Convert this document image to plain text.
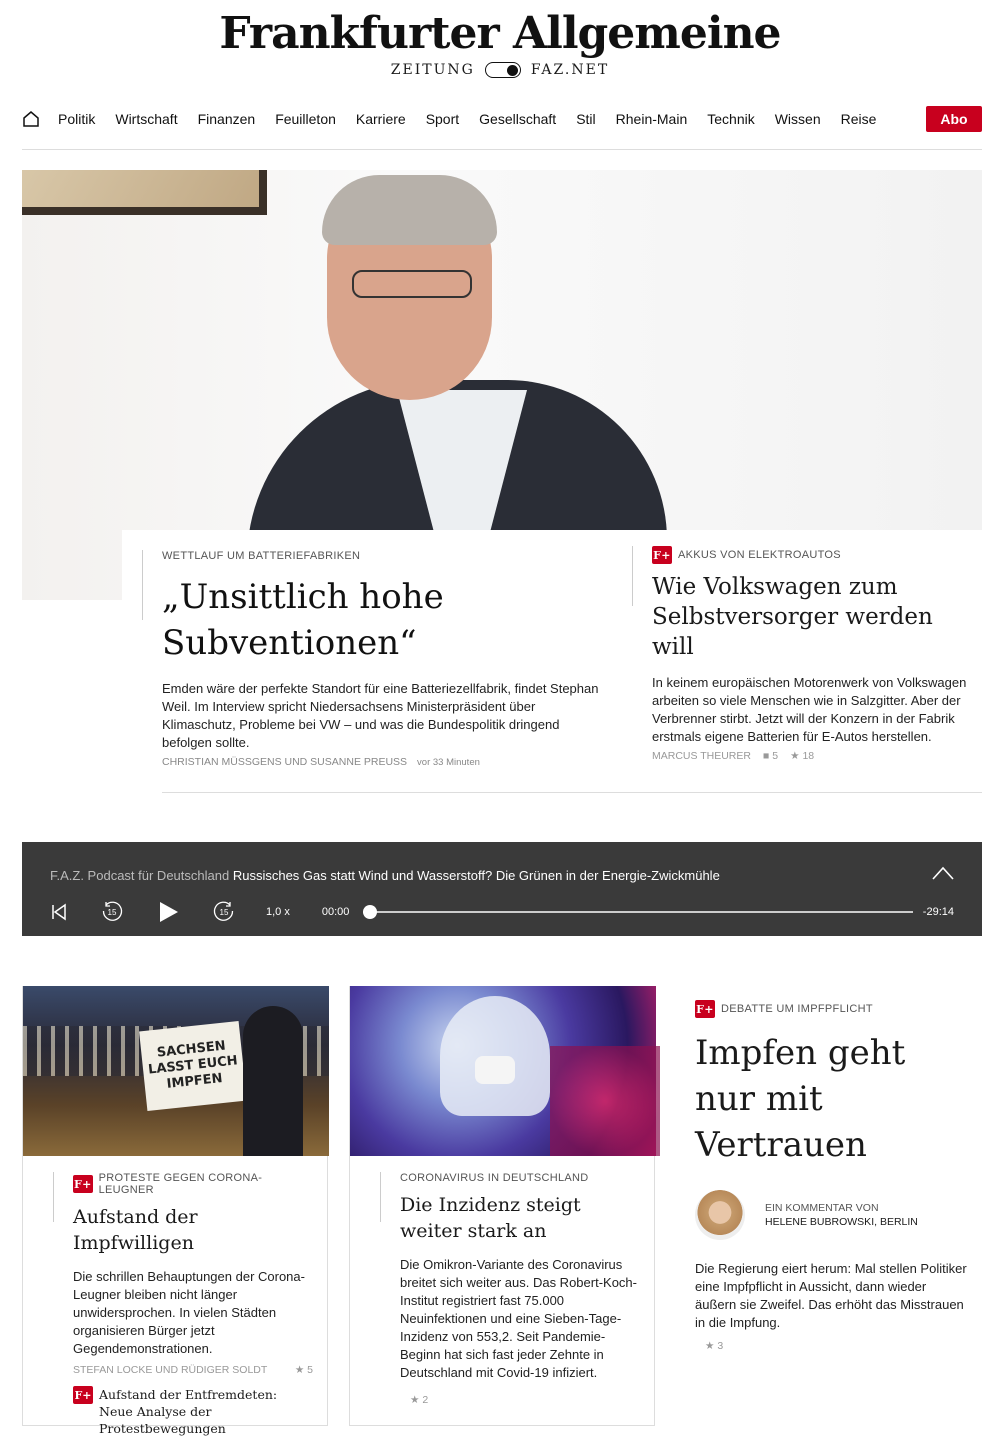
Frankfurter Allgemeine
ZEITUNG	FAZ.NET
Politik Wirtschaft Finanzen Feuilleton Karriere Sport Gesellschaft Stil Rhein-Main Technik Wissen Reise	Abo
WETTLAUF UM BATTERIEFABRIKEN
„Unsittlich hohe Subventionen“
Emden wäre der perfekte Standort für eine Batteriezellfabrik, findet Stephan Weil. Im Interview spricht Niedersachsens Ministerpräsident über Klimaschutz, Probleme bei VW – und was die Bundespolitik dringend befolgen sollte.
CHRISTIAN MÜSSGENS UND SUSANNE PREUSS vor 33 Minuten
F+ AKKUS VON ELEKTROAUTOS
Wie Volkswagen zum Selbstversorger werden will
In keinem europäischen Motorenwerk von Volkswagen arbeiten so viele Menschen wie in Salzgitter. Aber der Verbrenner stirbt. Jetzt will der Konzern in der Fabrik erstmals eigene Batterien für E-Autos herstellen.
MARCUS THEURER ■ 5 ★ 18
F.A.Z. Podcast für Deutschland Russisches Gas statt Wind und Wasserstoff? Die Grünen in der Energie-Zwickmühle
15	15	1,0 x	00:00	-29:14
SACHSEN LASST EUCH IMPFEN
F+ PROTESTE GEGEN CORONA-LEUGNER
Aufstand der Impfwilligen
Die schrillen Behauptungen der Corona-Leugner bleiben nicht länger unwidersprochen. In vielen Städten organisieren Bürger jetzt Gegendemonstrationen.
STEFAN LOCKE UND RÜDIGER SOLDT	★ 5
F+ Aufstand der Entfremdeten: Neue Analyse der Protestbewegungen
CORONAVIRUS IN DEUTSCHLAND
Die Inzidenz steigt weiter stark an
Die Omikron-Variante des Coronavirus breitet sich weiter aus. Das Robert-Koch-Institut registriert fast 75.000 Neuinfektionen und eine Sieben-Tage-Inzidenz von 553,2. Seit Pandemie-Beginn hat sich fast jeder Zehnte in Deutschland mit Covid-19 infiziert.
★ 2
F+ DEBATTE UM IMPFPFLICHT
Impfen geht nur mit Vertrauen
EIN KOMMENTAR VON
HELENE BUBROWSKI, BERLIN
Die Regierung eiert herum: Mal stellen Politiker eine Impfpflicht in Aussicht, dann wieder äußern sie Zweifel. Das erhöht das Misstrauen in die Impfung.
★ 3
